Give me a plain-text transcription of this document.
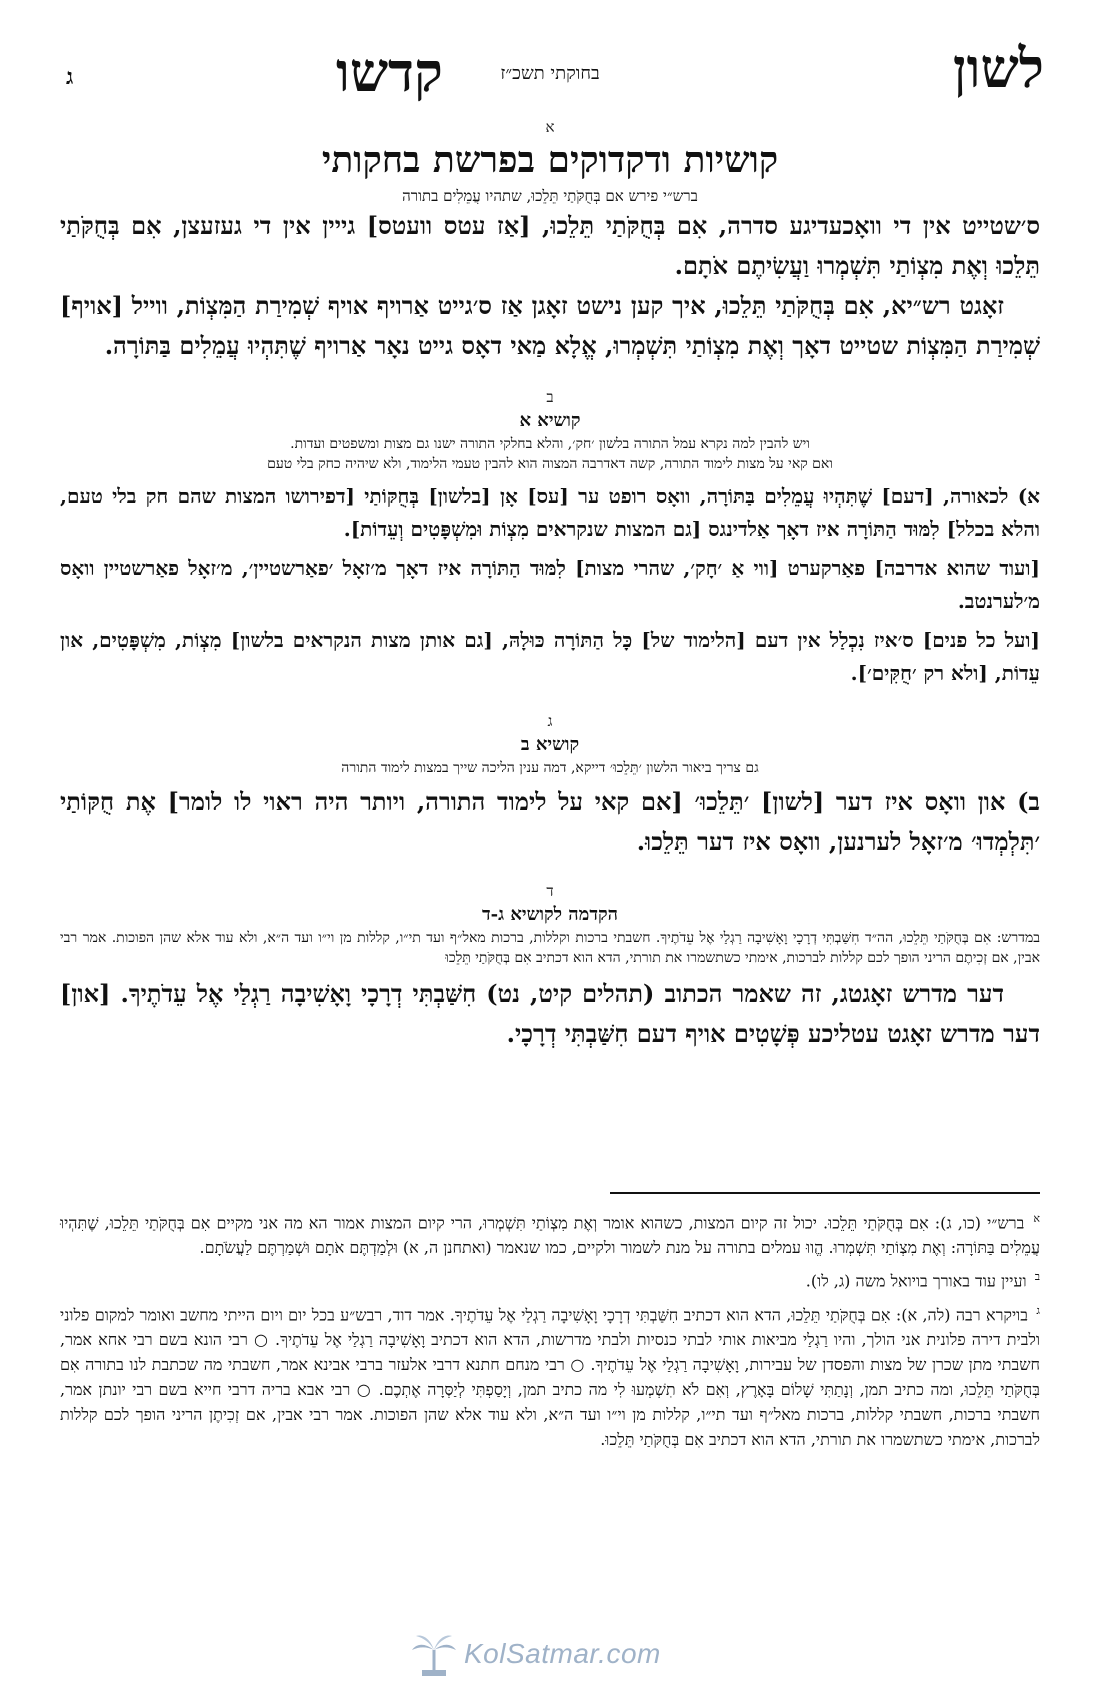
לשון
בחוקתי תשכ״ז
קדשו
ג

א

קושיות ודקדוקים בפרשת בחקותי

ברש״י פירש אם בְּחֻקֹּתַי תֵּלֵכוּ, שתהיו עֲמֵלִים בתורה

ס׳שטייט אין די וואָכעדיגע סדרה, אִם בְּחֻקֹּתַי תֵּלֵכוּ, [אַז עטס וועטס] גייין אין די געזעצן, אִם בְּחֻקֹּתַי תֵּלֵכוּ וְאֶת מִצְוֹתַי תִּשְׁמְרוּ וַעֲשִׂיתֶם אֹתָם.

זאָגט רש״יא, אִם בְּחֻקֹּתַי תֵּלֵכוּ, איך קען נישט זאָגן אַז ס׳גייט אַרויף אויף שְׁמִירַת הַמִּצְוֹת, ווייל [אויף] שְׁמִירַת הַמִּצְוֹת שטייט דאָך וְאֶת מִצְוֹתַי תִּשְׁמְרוּ, אֱלָא מַאי דאָס גייט נאָר אַרויף שֶׁתִּהְיוּ עֲמֵלִים בַּתּוֹרָה.

ב

קושיא א

ויש להבין למה נקרא עמל התורה בלשון ׳חק׳, והלא בחלקי התורה ישנו גם מצות ומשפטים ועדות.

ואם קאי על מצות לימוד התורה, קשה דאדרבה המצוה הוא להבין טעמי הלימוד, ולא שיהיה כחק בלי טעם

א) לכאורה, [דעם] שֶׁתִּהְיוּ עֲמֵלִים בַּתּוֹרָה, וואָס רופט ער [עס] אָן [בלשון] בְּחֻקּוֹתַי [דפירושו המצות שהם חק בלי טעם, והלא בכלל] לִמּוּד הַתּוֹרָה איז דאָך אַלדינגס [גם המצות שנקראים מִצְוֹת וּמִשְׁפָּטִים וְעֵדוֹת].

[ועוד שהוא אדרבה] פאַרקערט [ווי אַ ׳חָק׳, שהרי מצות] לִמּוּד הַתּוֹרָה איז דאָך מ׳זאָל ׳פאַרשטיין׳, מ׳זאָל פאַרשטיין וואָס מ׳לערנטב.

[ועל כל פנים] ס׳איז נִכְלַל אין דעם [הלימוד של] כָּל הַתּוֹרָה כּוּלָהּ, [גם אותן מצות הנקראים בלשון] מִצְוֹת, מִשְׁפָּטִים, און עֵדוֹת, [ולא רק ׳חֻקִּים׳].

ג

קושיא ב

גם צריך ביאור הלשון ׳תֵּלֵכוּ׳ דייקא, דמה ענין הליכה שייך במצות לימוד התורה

ב) און וואָס איז דער [לשון] ׳תֵּלֵכוּ׳ [אם קאי על לימוד התורה, ויותר היה ראוי לו לומר] אֶת חֻקּוֹתַי ׳תִּלְמְדוּ׳ מ׳זאָל לערנען, וואָס איז דער תֵּלֵכוּ.

ד

הקדמה לקושיא ג-ד

במדרש: אִם בְּחֻקֹּתַי תֵּלֵכוּ, הה״ד חִשַּׁבְתִּי דְרָכָי וָאָשִׁיבָה רַגְלַי אֶל עֵדֹתֶיךָ. חשבתי ברכות וקללות, ברכות מאל״ף ועד תי״ו, קללות מן וי״ו ועד ה״א, ולא עוד אלא שהן הפוכות. אמר רבי אבין, אם זְכִיתֶם הריני הופך לכם קללות לברכות, אימתי כשתשמרו את תורתי, הדא הוא דכתיב אִם בְּחֻקֹּתַי תֵּלֵכוּ

דער מדרש זאָגטג, זה שאמר הכתוב (תהלים קיט, נט) חִשַּׁבְתִּי דְרָכָי וָאָשִׁיבָה רַגְלַי אֶל עֵדֹתֶיךָ. [און] דער מדרש זאָגט עטליכע פְּשָׁטִים אויף דעם חִשַּׁבְתִּי דְרָכָי.

$^א$ ברש״י (כו, ג): אִם בְּחֻקֹּתַי תֵּלֵכוּ. יכול זה קיום המצות, כשהוא אומר וְאֶת מִצְוֹתַי תִּשְׁמְרוּ, הרי קיום המצות אמור הא מה אני מקיים אִם בְּחֻקֹּתַי תֵּלֵכוּ, שֶׁתִּהְיוּ עֲמֵלִים בַּתּוֹרָה: וְאֶת מִצְוֹתַי תִּשְׁמְרוּ. הֱווּ עמלים בתורה על מנת לשמור ולקיים, כמו שנאמר (ואתחנן ה, א) וּלְמַדְתֶּם אֹתָם וּשְׁמַרְתֶּם לַעֲשֹׂתָם.

$^ב$ ועיין עוד באורך בויואל משה (ג, לו).

$^ג$ בויקרא רבה (לה, א): אִם בְּחֻקֹּתַי תֵּלֵכוּ, הדא הוא דכתיב חִשַּׁבְתִּי דְרָכָי וָאָשִׁיבָה רַגְלַי אֶל עֵדֹתֶיךָ. אמר דוד, רבש״ע בכל יום ויום הייתי מחשב ואומר למקום פלוני ולבית דירה פלונית אני הולך, והיו רַגְלַי מביאות אותי לבתי כנסיות ולבתי מדרשות, הדא הוא דכתיב וָאָשִׁיבָה רַגְלַי אֶל עֵדֹתֶיךָ. ○ רבי הונא בשם רבי אחא אמר, חשבתי מתן שכרן של מצות והפסדן של עבירות, וָאָשִׁיבָה רַגְלַי אֶל עֵדֹתֶיךָ. ○ רבי מנחם חתנא דרבי אלעזר ברבי אבינא אמר, חשבתי מה שכתבת לנו בתורה אִם בְּחֻקֹּתַי תֵּלֵכוּ, ומה כתיב תמן, וְנָתַתִּי שָׁלוֹם בָּאָרֶץ, וְאִם לֹא תִשְׁמְעוּ לִי מה כתיב תמן, וְיָסַפְתִּי לְיַסְּרָה אֶתְכֶם. ○ רבי אבא בריה דרבי חייא בשם רבי יונתן אמר, חשבתי ברכות, חשבתי קללות, ברכות מאל״ף ועד תי״ו, קללות מן וי״ו ועד ה״א, ולא עוד אלא שהן הפוכות. אמר רבי אבין, אם זְכִיתֶן הריני הופך לכם קללות לברכות, אימתי כשתשמרו את תורתי, הדא הוא דכתיב אִם בְּחֻקֹּתַי תֵּלֵכוּ.

KolSatmar.com
